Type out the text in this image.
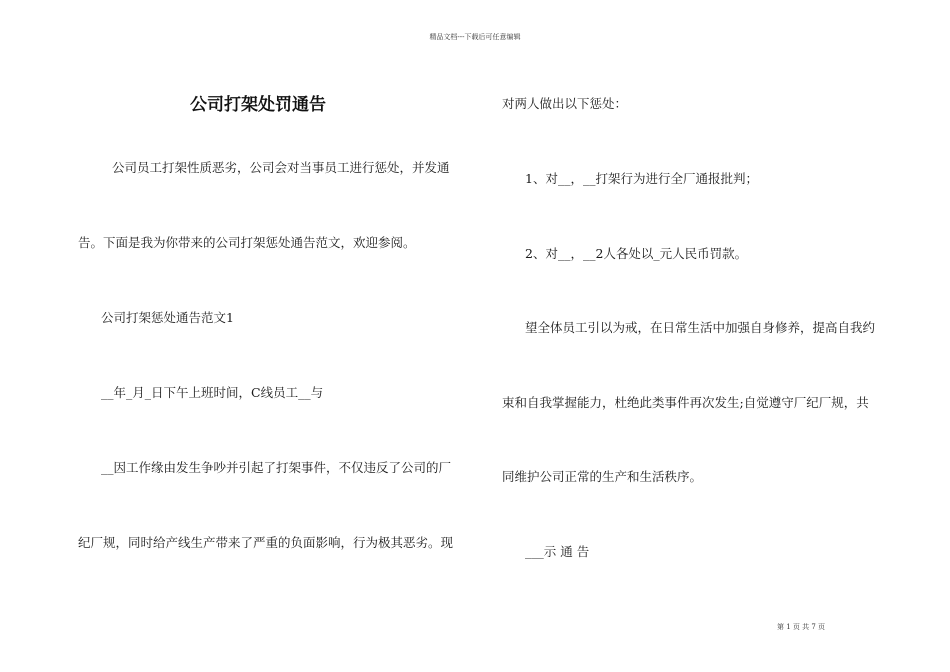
精品文档---下载后可任意编辑
公司打架处罚通告
公司员工打架性质恶劣，公司会对当事员工进行惩处，并发通
告。下面是我为你带来的公司打架惩处通告范文，欢迎参阅。
公司打架惩处通告范文1
__年_月_日下午上班时间，C线员工__与
__因工作缘由发生争吵并引起了打架事件，不仅违反了公司的厂
纪厂规，同时给产线生产带来了严重的负面影响，行为极其恶劣。现
对两人做出以下惩处：
1、对__，__打架行为进行全厂通报批判；
2、对__，__2人各处以_元人民币罚款。
望全体员工引以为戒，在日常生活中加强自身修养，提高自我约
束和自我掌握能力，杜绝此类事件再次发生;自觉遵守厂纪厂规，共
同维护公司正常的生产和生活秩序。
___示 通 告
第 1 页 共 7 页
